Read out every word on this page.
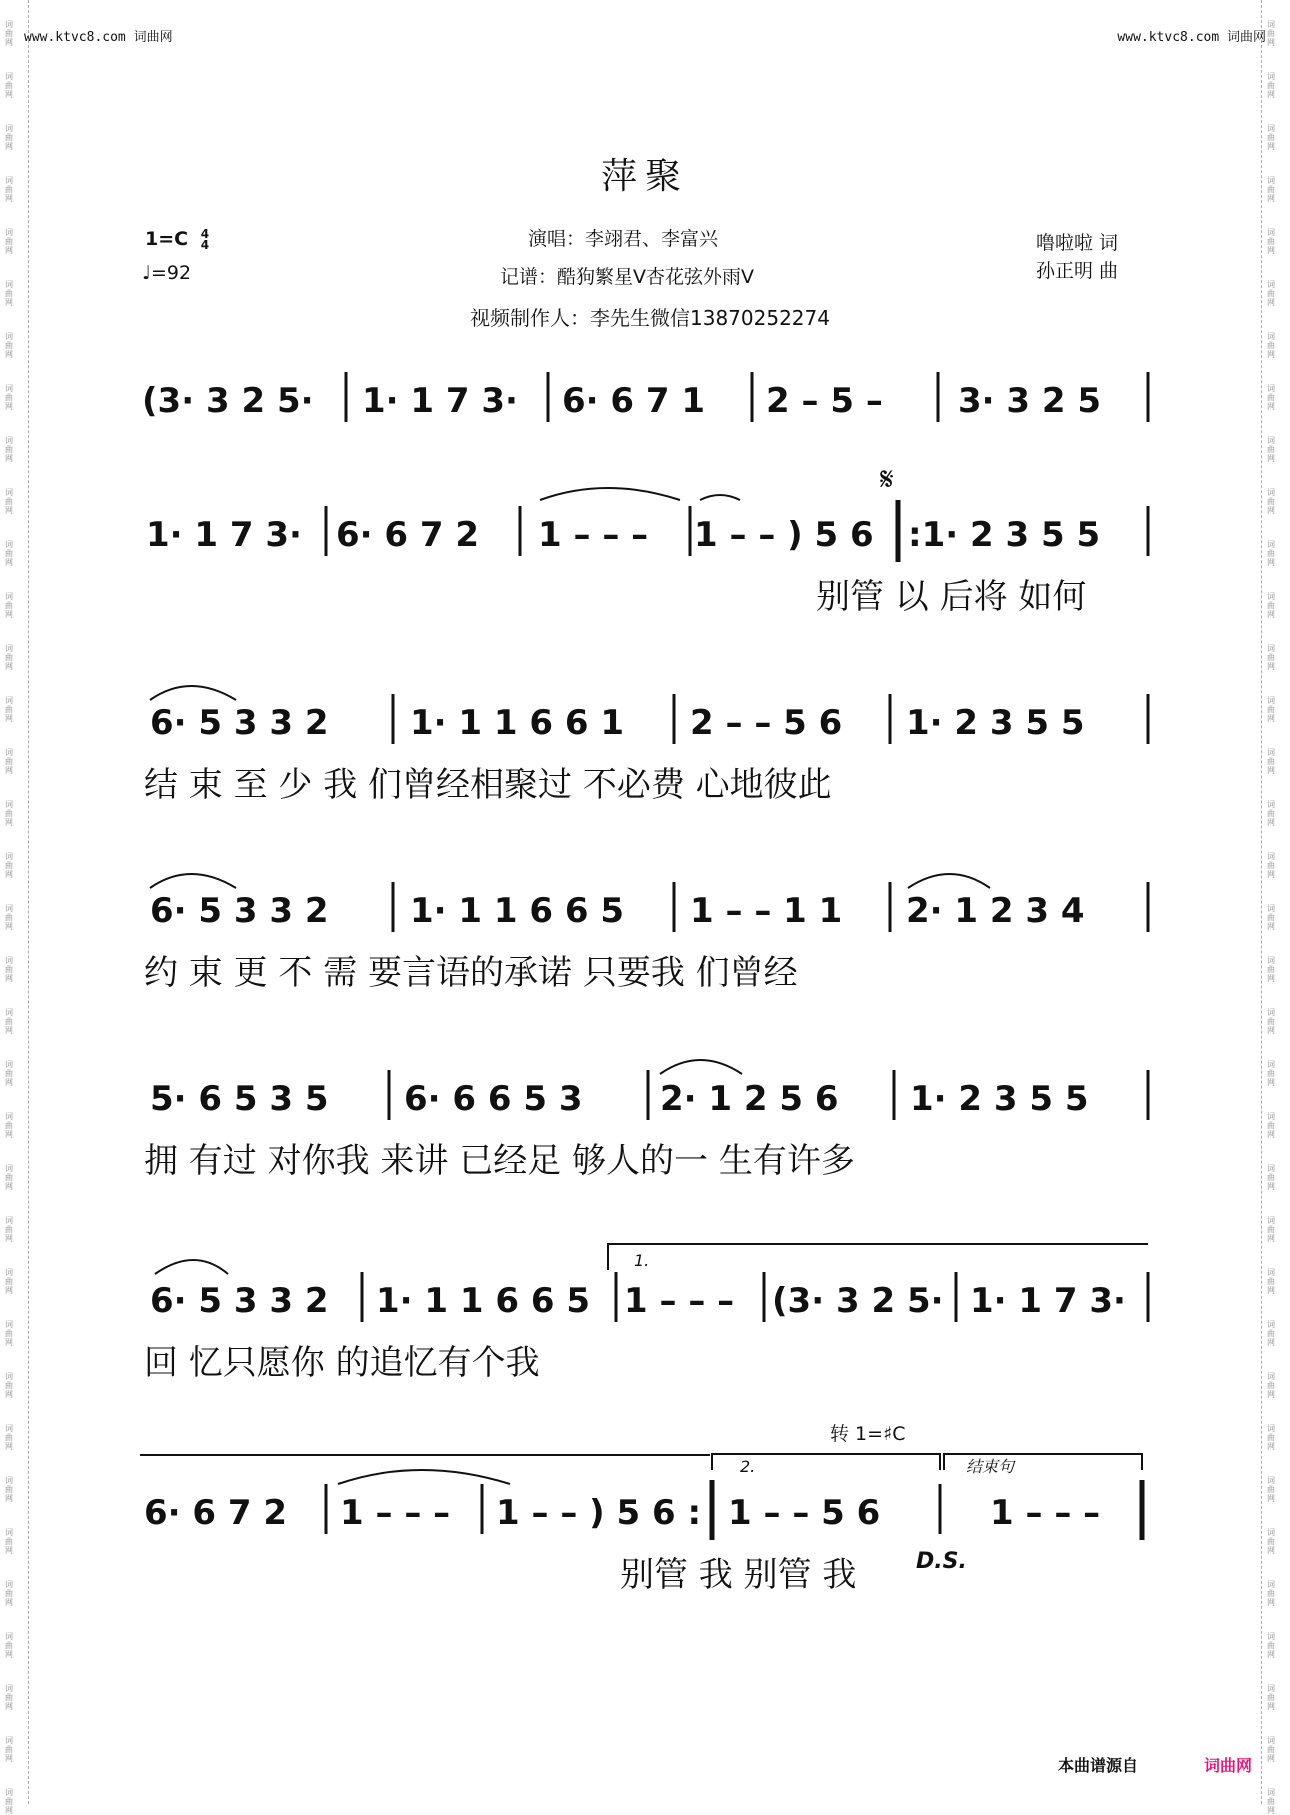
词曲网
词曲网
词曲网
词曲网
词曲网
词曲网
词曲网
词曲网
词曲网
词曲网
词曲网
词曲网
词曲网
词曲网
词曲网
词曲网
词曲网
词曲网
词曲网
词曲网
词曲网
词曲网
词曲网
词曲网
词曲网
词曲网
词曲网
词曲网
词曲网
词曲网
词曲网
词曲网
词曲网
词曲网
词曲网
词曲网
词曲网
词曲网
词曲网
词曲网
词曲网
词曲网
词曲网
词曲网
词曲网
词曲网
词曲网
词曲网
词曲网
词曲网
词曲网
词曲网
词曲网
词曲网
词曲网
词曲网
词曲网
词曲网
词曲网
词曲网
词曲网
词曲网
词曲网
词曲网
词曲网
词曲网
词曲网
词曲网
词曲网
词曲网
www.ktvc8.com 词曲网	www.ktvc8.com 词曲网
萍聚
1=C 4
4
♩=92
演唱：李翊君、李富兴
记谱：酷狗繁星V杏花弦外雨V
噜啦啦 词
孙正明 曲
视频制作人：李先生微信13870252274
(3· 3 2 5· 1· 1 7 3· 6· 6 7 1 2 – 5 – 3· 3 2 5
1· 1 7 3· 6· 6 7 2 1 – – – 1 – – ) 5 6 :1· 2 3 5 5
6· 5 3 3 2 1· 1 1 6 6 1 2 – – 5 6 1· 2 3 5 5
6· 5 3 3 2 1· 1 1 6 6 5 1 – – 1 1 2· 1 2 3 4
5· 6 5 3 5 6· 6 6 5 3 2· 1 2 5 6 1· 2 3 5 5
6· 5 3 3 2 1· 1 1 6 6 5 1 – – – (3· 3 2 5· 1· 1 7 3·
6· 6 7 2 1 – – – 1 – – ) 5 6 : 1 – – 5 6	1 – – –
别管 以 后将 如何
结 束 至 少 我 们曾经相聚过 不必费 心地彼此
约 束 更 不 需 要言语的承诺 只要我 们曾经
拥 有过 对你我 来讲 已经足 够人的一 生有许多
回 忆只愿你 的追忆有个我
别管 我 别管 我
𝄋
1.
2.	结束句
转 1=♯C
D.S.
本曲谱源自	词曲网
